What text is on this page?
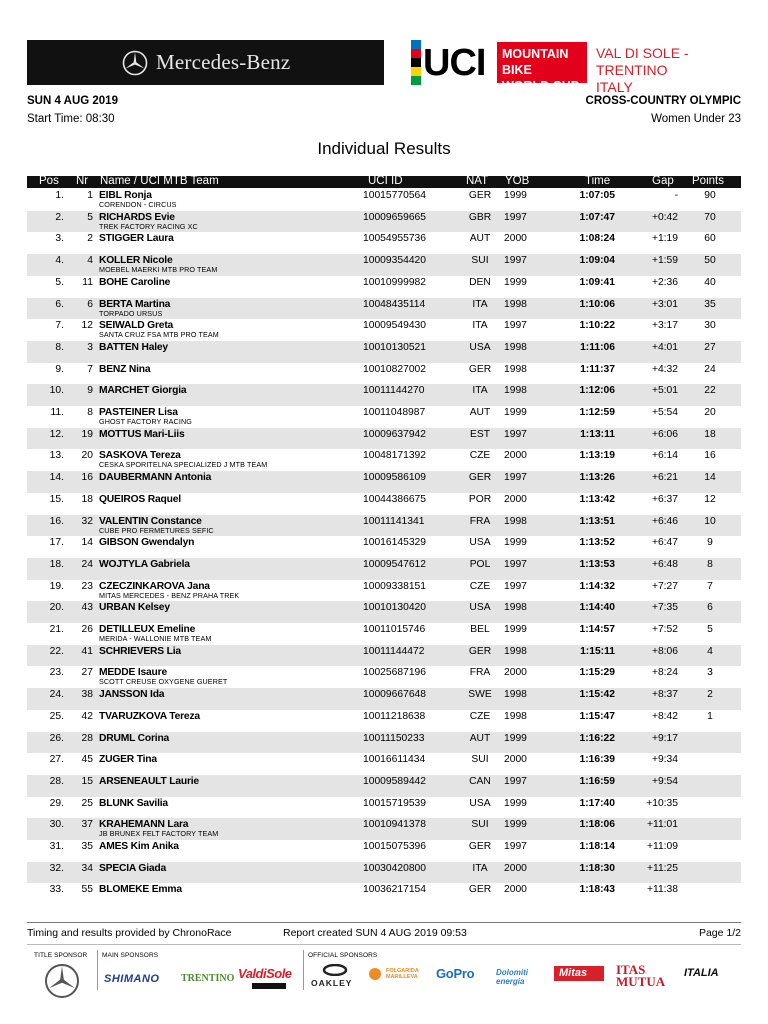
Mercedes-Benz	UCI MOUNTAIN BIKE
WORLD CUP
VAL DI SOLE - TRENTINO
ITALY
SUN 4 AUG 2019
Start Time: 08:30
CROSS-COUNTRY OLYMPIC
Women Under 23
Individual Results
Pos Nr Name / UCI MTB Team	UCI ID	NAT YOB	Time	Gap Points
1. 1 EIBL Ronja
CORENDON - CIRCUS
10015770564	GER	1999	1:07:05	-	90
2. 5 RICHARDS Evie
TREK FACTORY RACING XC
10009659665	GBR	1997	1:07:47	+0:42	70
3. 2 STIGGER Laura	10054955736	AUT	2000	1:08:24	+1:19	60
4. 4 KOLLER Nicole
MOEBEL MAERKI MTB PRO TEAM
10009354420	SUI	1997	1:09:04	+1:59	50
5. 11 BOHE Caroline	10010999982	DEN	1999	1:09:41	+2:36	40
6. 6 BERTA Martina
TORPADO URSUS
10048435114	ITA	1998	1:10:06	+3:01	35
7. 12 SEIWALD Greta
SANTA CRUZ FSA MTB PRO TEAM
10009549430	ITA	1997	1:10:22	+3:17	30
8. 3 BATTEN Haley	10010130521	USA	1998	1:11:06	+4:01	27
9. 7 BENZ Nina	10010827002	GER	1998	1:11:37	+4:32	24
10. 9 MARCHET Giorgia	10011144270	ITA	1998	1:12:06	+5:01	22
11. 8 PASTEINER Lisa
GHOST FACTORY RACING
10011048987	AUT	1999	1:12:59	+5:54	20
12. 19 MOTTUS Mari-Liis	10009637942	EST	1997	1:13:11	+6:06	18
13. 20 SASKOVA Tereza
CESKA SPORITELNA SPECIALIZED J MTB TEAM
10048171392	CZE	2000	1:13:19	+6:14	16
14. 16 DAUBERMANN Antonia	10009586109	GER	1997	1:13:26	+6:21	14
15. 18 QUEIROS Raquel	10044386675	POR	2000	1:13:42	+6:37	12
16. 32 VALENTIN Constance
CUBE PRO FERMETURES SEFIC
10011141341	FRA	1998	1:13:51	+6:46	10
17. 14 GIBSON Gwendalyn	10016145329	USA	1999	1:13:52	+6:47	9
18. 24 WOJTYLA Gabriela	10009547612	POL	1997	1:13:53	+6:48	8
19. 23 CZECZINKAROVA Jana
MITAS MERCEDES - BENZ PRAHA TREK
10009338151	CZE	1997	1:14:32	+7:27	7
20. 43 URBAN Kelsey	10010130420	USA	1998	1:14:40	+7:35	6
21. 26 DETILLEUX Emeline
MERIDA - WALLONIE MTB TEAM
10011015746	BEL	1999	1:14:57	+7:52	5
22. 41 SCHRIEVERS Lia	10011144472	GER	1998	1:15:11	+8:06	4
23. 27 MEDDE Isaure
SCOTT CREUSE OXYGENE GUERET
10025687196	FRA	2000	1:15:29	+8:24	3
24. 38 JANSSON Ida	10009667648	SWE	1998	1:15:42	+8:37	2
25. 42 TVARUZKOVA Tereza	10011218638	CZE	1998	1:15:47	+8:42	1
26. 28 DRUML Corina	10011150233	AUT	1999	1:16:22	+9:17
27. 45 ZUGER Tina	10016611434	SUI	2000	1:16:39	+9:34
28. 15 ARSENEAULT Laurie	10009589442	CAN	1997	1:16:59	+9:54
29. 25 BLUNK Savilia	10015719539	USA	1999	1:17:40	+10:35
30. 37 KRAHEMANN Lara
JB BRUNEX FELT FACTORY TEAM
10010941378	SUI	1999	1:18:06	+11:01
31. 35 AMES Kim Anika	10015075396	GER	1997	1:18:14	+11:09
32. 34 SPECIA Giada	10030420800	ITA	2000	1:18:30	+11:25
33. 55 BLOMEKE Emma	10036217154	GER	2000	1:18:43	+11:38
Timing and results provided by ChronoRace	Report created SUN 4 AUG 2019 09:53	Page 1/2
TITLE SPONSOR MAIN SPONSORS	OFFICIAL SPONSORS
SHIMANO TRENTINO ValdiSole
OAKLEY
FOLGARIDA MARILLEVA	GoPro	Dolomiti energia
Mitas ITAS MUTUA
ITALIA
